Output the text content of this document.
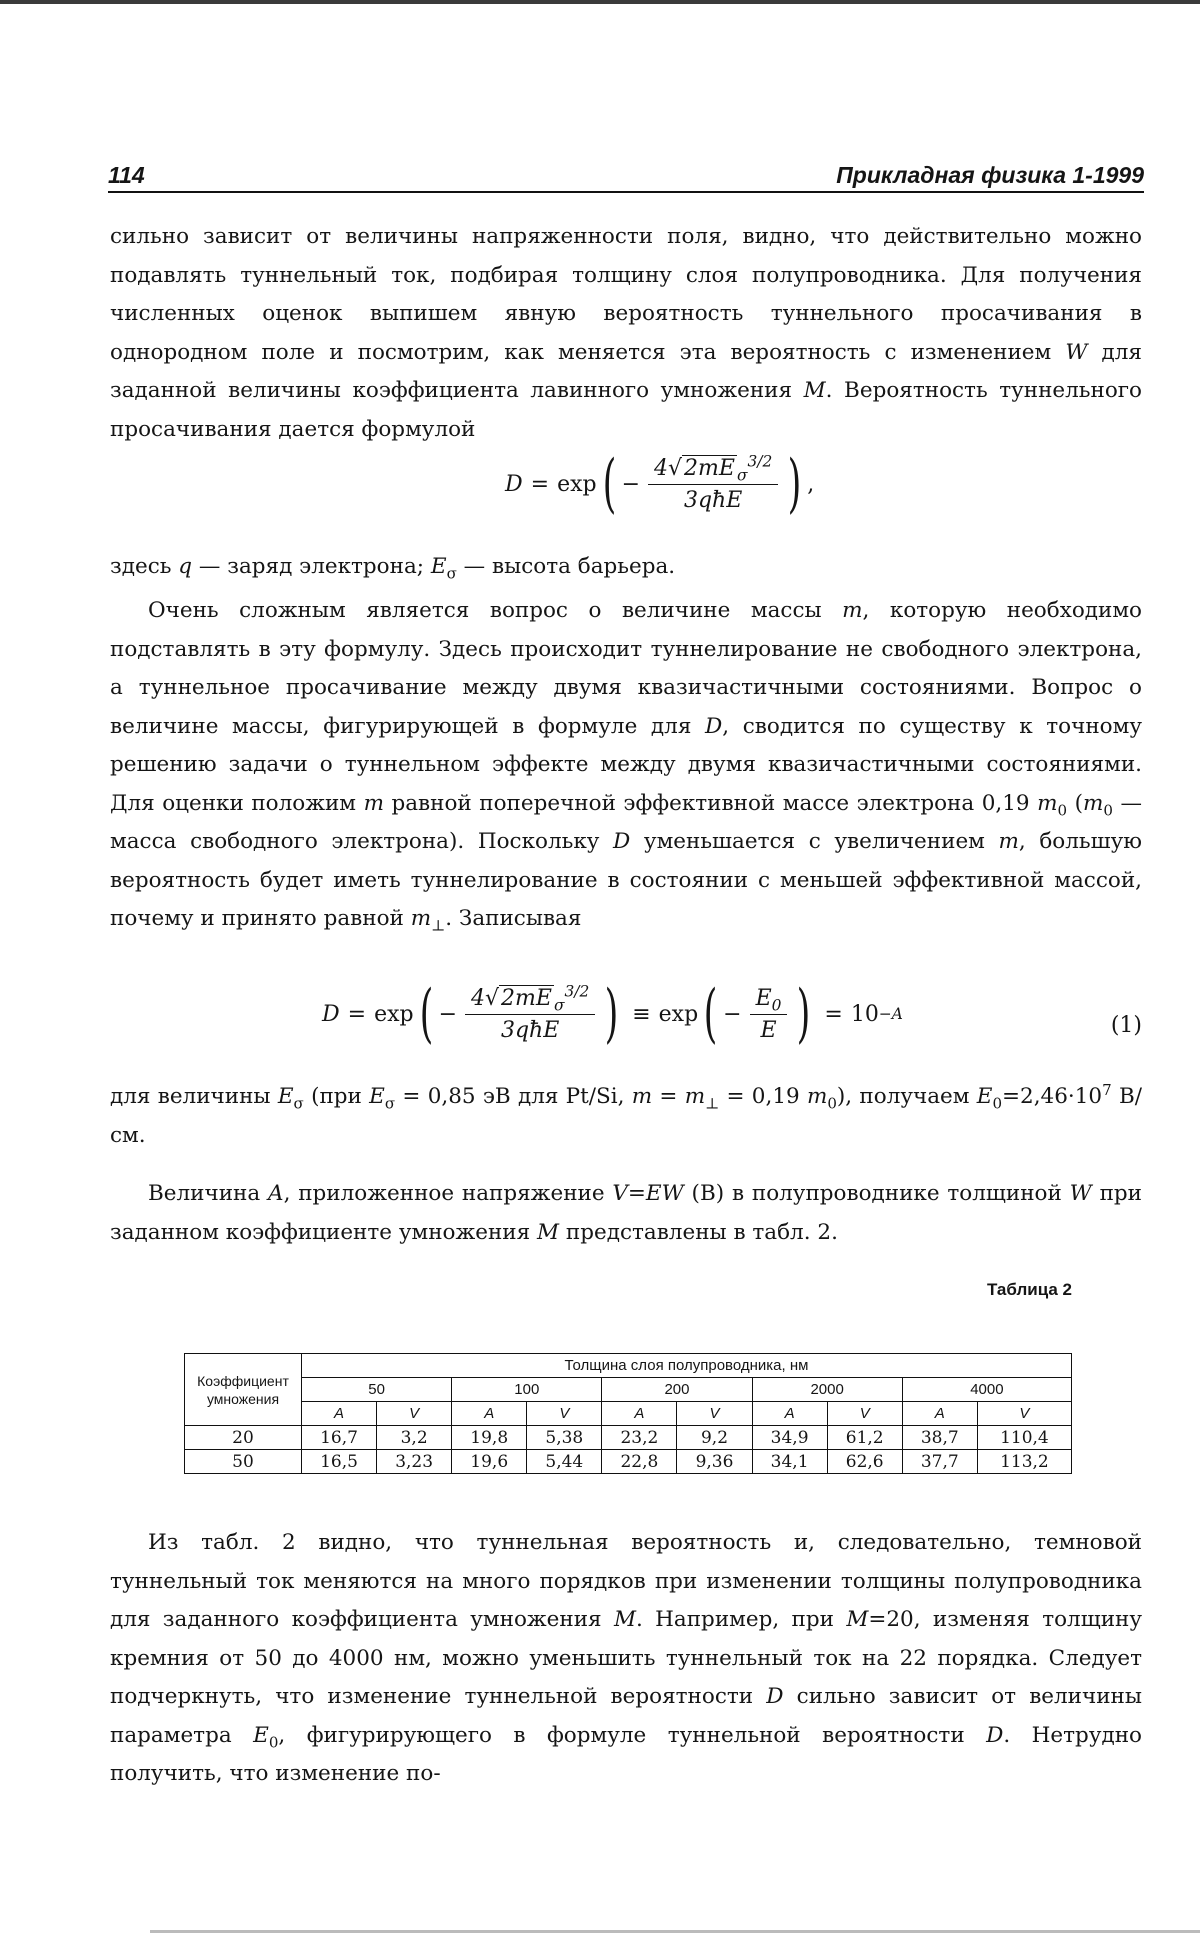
114	Прикладная физика 1-1999

сильно зависит от величины напряженности поля, видно, что действительно можно подавлять туннельный ток, подбирая толщину слоя полупроводника. Для получения численных оценок выпишем явную вероятность туннельного просачивания в однородном поле и посмотрим, как меняется эта вероятность с изменением W для заданной величины коэффициента лавинного умножения M. Вероятность туннельного просачивания дается формулой

D = exp ( − $\frac{4√2mE _\sigma^{3/2}}{\text{3qħE}}$ ) ,

здесь q — заряд электрона; $E_\sigma$ — высота барьера.

Очень сложным является вопрос о величине массы m, которую необходимо подставлять в эту формулу. Здесь происходит туннелирование не свободного электрона, а туннельное просачивание между двумя квазичастичными состояниями. Вопрос о величине массы, фигурирующей в формуле для D, сводится по существу к точному решению задачи о туннельном эффекте между двумя квазичастичными состояниями. Для оценки положим m равной поперечной эффективной массе электрона 0,19 $m_0$ ($m_0$ — масса свободного электрона). Поскольку D уменьшается с увеличением m, большую вероятность будет иметь туннелирование в состоянии с меньшей эффективной массой, почему и принято равной $m_\perp$. Записывая

D = exp ( − $\frac{4√2mE _\sigma^{3/2}}{\text{3qħE}}$ ) ≡ exp ( − $\frac{E_0}{E}$ ) = 10 −A	(1)

для величины $E_\sigma$ (при $E_\sigma = 0,85$ эВ для Pt/Si, $m = m_\perp = 0,19$ $m_0$), получаем $E_0=2,46\cdot 10^7$ В/см.

Величина A, приложенное напряжение V=EW (В) в полупроводнике толщиной W при заданном коэффициенте умножения M представлены в табл. 2.

Таблица 2
Коэффициент умножения	Толщина слоя полупроводника, нм									
	50		100		200		2000		4000	
	A	V	A	V	A	V	A	V	A	V
20	16,7	3,2	19,8	5,38	23,2	9,2	34,9	61,2	38,7	110,4
50	16,5	3,23	19,6	5,44	22,8	9,36	34,1	62,6	37,7	113,2

Из табл. 2 видно, что туннельная вероятность и, следовательно, темновой туннельный ток меняются на много порядков при изменении толщины полупроводника для заданного коэффициента умножения M. Например, при M=20, изменяя толщину кремния от 50 до 4000 нм, можно уменьшить туннельный ток на 22 порядка. Следует подчеркнуть, что изменение туннельной вероятности D сильно зависит от величины параметра $E_0$, фигурирующего в формуле туннельной вероятности D. Нетрудно получить, что изменение по-
